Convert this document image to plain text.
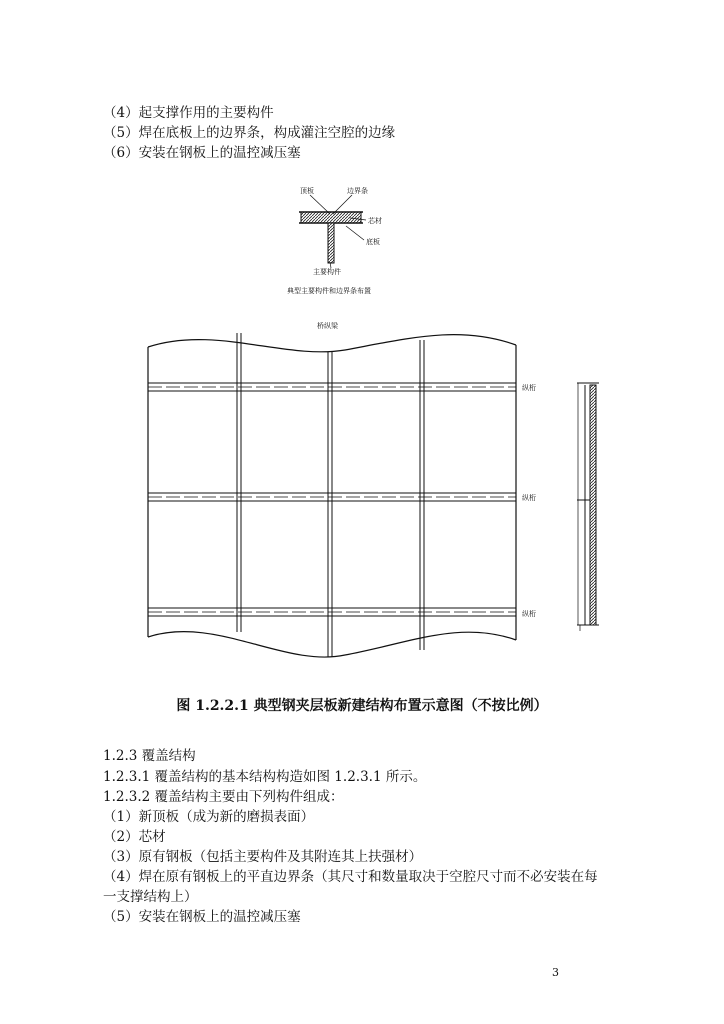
（4）起支撑作用的主要构件
（5）焊在底板上的边界条，构成灌注空腔的边缘
（6）安装在钢板上的温控减压塞
顶板	边界条
芯材
底板
主要构件
典型主要构件和边界条布置
桥纵梁
纵桁
纵桁
纵桁
图 1.2.2.1 典型钢夹层板新建结构布置示意图（不按比例）
1.2.3 覆盖结构
1.2.3.1 覆盖结构的基本结构构造如图 1.2.3.1 所示。
1.2.3.2 覆盖结构主要由下列构件组成：
（1）新顶板（成为新的磨损表面）
（2）芯材
（3）原有钢板（包括主要构件及其附连其上扶强材）
（4）焊在原有钢板上的平直边界条（其尺寸和数量取决于空腔尺寸而不必安装在每
一支撑结构上）
（5）安装在钢板上的温控减压塞
3
